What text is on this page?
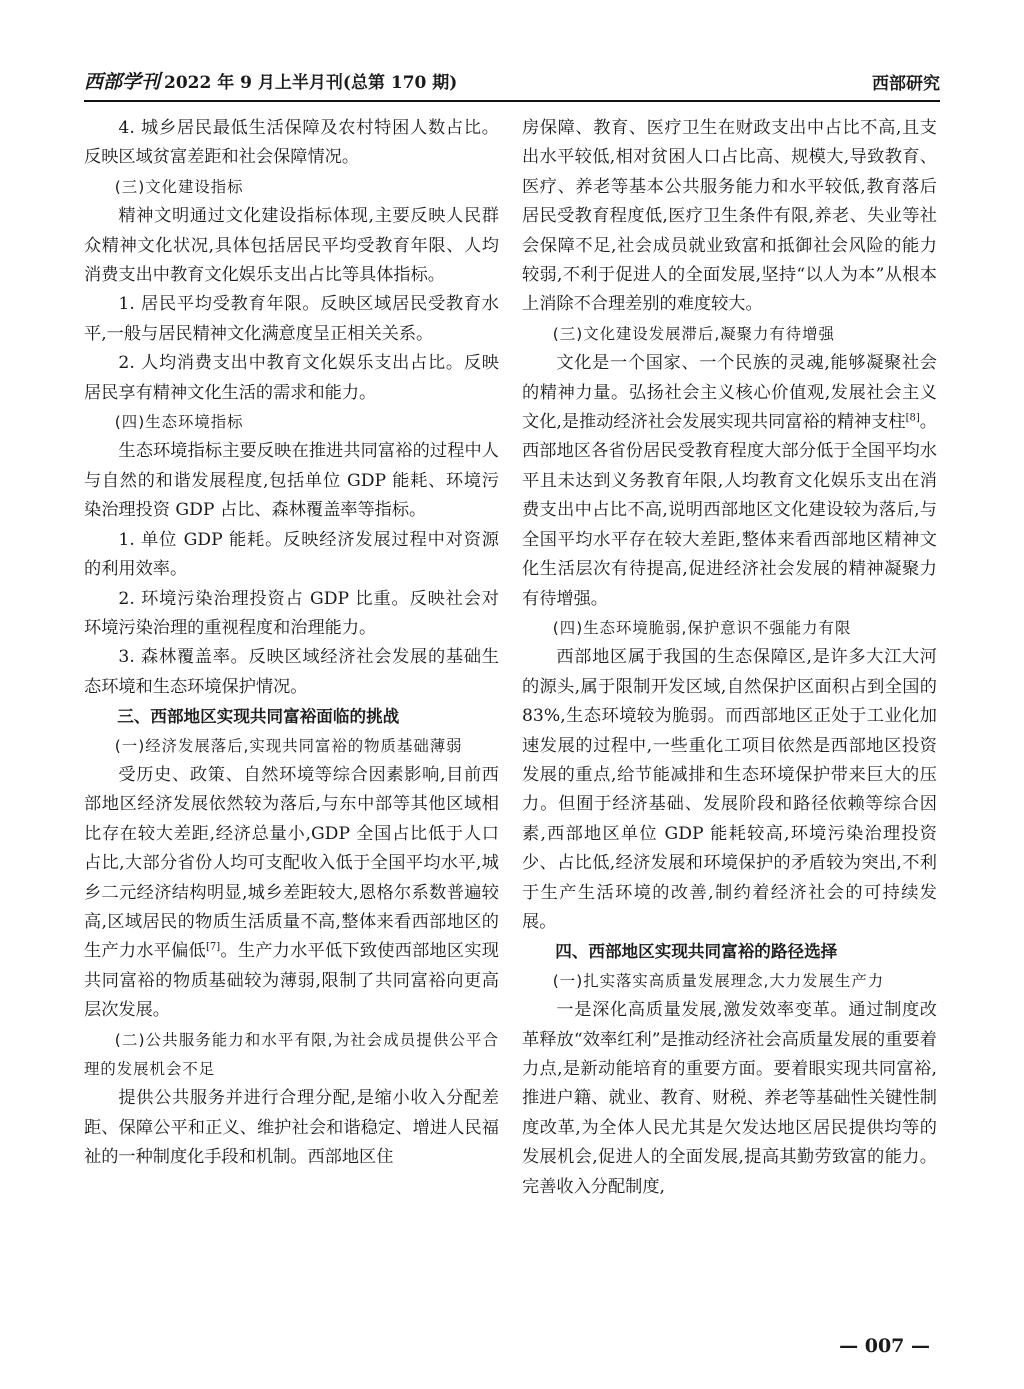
西部学刊 2022 年 9 月上半月刊(总第 170 期)	西部研究

4. 城乡居民最低生活保障及农村特困人数占比。反映区域贫富差距和社会保障情况。

(三)文化建设指标

精神文明通过文化建设指标体现,主要反映人民群众精神文化状况,具体包括居民平均受教育年限、人均消费支出中教育文化娱乐支出占比等具体指标。

1. 居民平均受教育年限。反映区域居民受教育水平,一般与居民精神文化满意度呈正相关关系。

2. 人均消费支出中教育文化娱乐支出占比。反映居民享有精神文化生活的需求和能力。

(四)生态环境指标

生态环境指标主要反映在推进共同富裕的过程中人与自然的和谐发展程度,包括单位 GDP 能耗、环境污染治理投资 GDP 占比、森林覆盖率等指标。

1. 单位 GDP 能耗。反映经济发展过程中对资源的利用效率。

2. 环境污染治理投资占 GDP 比重。反映社会对环境污染治理的重视程度和治理能力。

3. 森林覆盖率。反映区域经济社会发展的基础生态环境和生态环境保护情况。

三、西部地区实现共同富裕面临的挑战

(一)经济发展落后,实现共同富裕的物质基础薄弱

受历史、政策、自然环境等综合因素影响,目前西部地区经济发展依然较为落后,与东中部等其他区域相比存在较大差距,经济总量小,GDP 全国占比低于人口占比,大部分省份人均可支配收入低于全国平均水平,城乡二元经济结构明显,城乡差距较大,恩格尔系数普遍较高,区域居民的物质生活质量不高,整体来看西部地区的生产力水平偏低[7]。生产力水平低下致使西部地区实现共同富裕的物质基础较为薄弱,限制了共同富裕向更高层次发展。

(二)公共服务能力和水平有限,为社会成员提供公平合理的发展机会不足

提供公共服务并进行合理分配,是缩小收入分配差距、保障公平和正义、维护社会和谐稳定、增进人民福祉的一种制度化手段和机制。西部地区住

房保障、教育、医疗卫生在财政支出中占比不高,且支出水平较低,相对贫困人口占比高、规模大,导致教育、医疗、养老等基本公共服务能力和水平较低,教育落后居民受教育程度低,医疗卫生条件有限,养老、失业等社会保障不足,社会成员就业致富和抵御社会风险的能力较弱,不利于促进人的全面发展,坚持“以人为本”从根本上消除不合理差别的难度较大。

(三)文化建设发展滞后,凝聚力有待增强

文化是一个国家、一个民族的灵魂,能够凝聚社会的精神力量。弘扬社会主义核心价值观,发展社会主义文化,是推动经济社会发展实现共同富裕的精神支柱[8]。西部地区各省份居民受教育程度大部分低于全国平均水平且未达到义务教育年限,人均教育文化娱乐支出在消费支出中占比不高,说明西部地区文化建设较为落后,与全国平均水平存在较大差距,整体来看西部地区精神文化生活层次有待提高,促进经济社会发展的精神凝聚力有待增强。

(四)生态环境脆弱,保护意识不强能力有限

西部地区属于我国的生态保障区,是许多大江大河的源头,属于限制开发区域,自然保护区面积占到全国的 83%,生态环境较为脆弱。而西部地区正处于工业化加速发展的过程中,一些重化工项目依然是西部地区投资发展的重点,给节能减排和生态环境保护带来巨大的压力。但囿于经济基础、发展阶段和路径依赖等综合因素,西部地区单位 GDP 能耗较高,环境污染治理投资少、占比低,经济发展和环境保护的矛盾较为突出,不利于生产生活环境的改善,制约着经济社会的可持续发展。

四、西部地区实现共同富裕的路径选择

(一)扎实落实高质量发展理念,大力发展生产力

一是深化高质量发展,激发效率变革。通过制度改革释放“效率红利”是推动经济社会高质量发展的重要着力点,是新动能培育的重要方面。要着眼实现共同富裕,推进户籍、就业、教育、财税、养老等基础性关键性制度改革,为全体人民尤其是欠发达地区居民提供均等的发展机会,促进人的全面发展,提高其勤劳致富的能力。完善收入分配制度,

— 007 —
